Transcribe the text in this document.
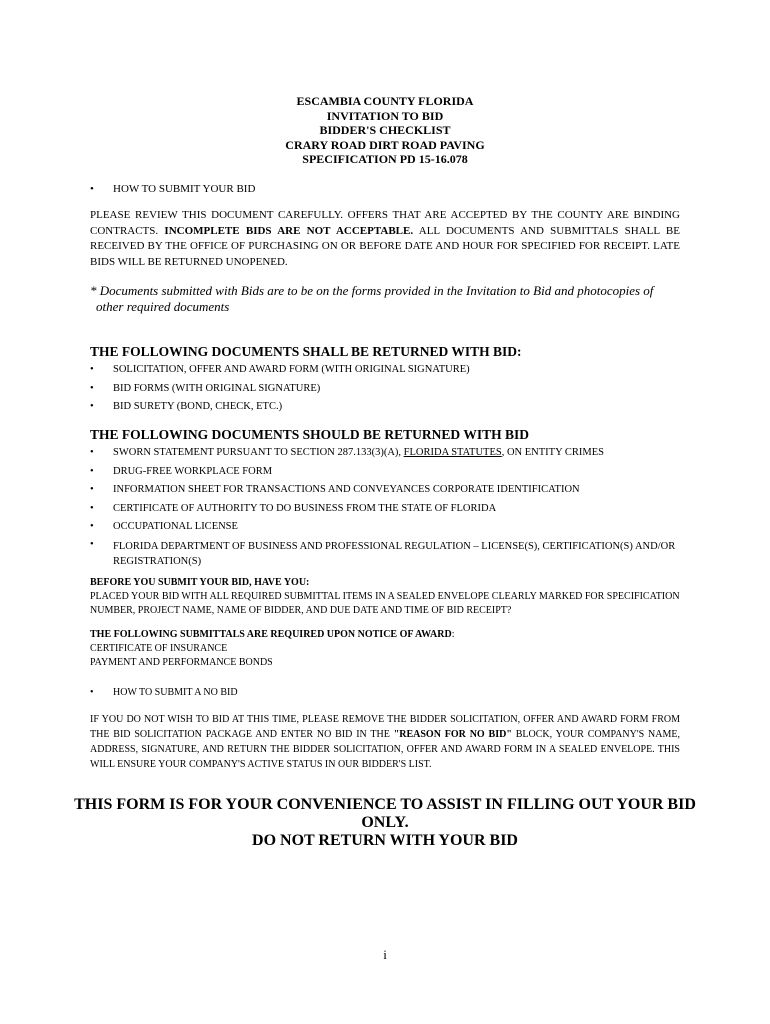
ESCAMBIA COUNTY FLORIDA
INVITATION TO BID
BIDDER'S CHECKLIST
CRARY ROAD DIRT ROAD PAVING
SPECIFICATION PD 15-16.078
• HOW TO SUBMIT YOUR BID
PLEASE REVIEW THIS DOCUMENT CAREFULLY. OFFERS THAT ARE ACCEPTED BY THE COUNTY ARE BINDING CONTRACTS. INCOMPLETE BIDS ARE NOT ACCEPTABLE. ALL DOCUMENTS AND SUBMITTALS SHALL BE RECEIVED BY THE OFFICE OF PURCHASING ON OR BEFORE DATE AND HOUR FOR SPECIFIED FOR RECEIPT. LATE BIDS WILL BE RETURNED UNOPENED.
* Documents submitted with Bids are to be on the forms provided in the Invitation to Bid and photocopies of
other required documents
THE FOLLOWING DOCUMENTS SHALL BE RETURNED WITH BID:
• SOLICITATION, OFFER AND AWARD FORM (WITH ORIGINAL SIGNATURE)
• BID FORMS (WITH ORIGINAL SIGNATURE)
• BID SURETY (BOND, CHECK, ETC.)
THE FOLLOWING DOCUMENTS SHOULD BE RETURNED WITH BID
• SWORN STATEMENT PURSUANT TO SECTION 287.133(3)(A), FLORIDA STATUTES, ON ENTITY CRIMES
• DRUG-FREE WORKPLACE FORM
• INFORMATION SHEET FOR TRANSACTIONS AND CONVEYANCES CORPORATE IDENTIFICATION
• CERTIFICATE OF AUTHORITY TO DO BUSINESS FROM THE STATE OF FLORIDA
• OCCUPATIONAL LICENSE
• FLORIDA DEPARTMENT OF BUSINESS AND PROFESSIONAL REGULATION – LICENSE(S), CERTIFICATION(S) AND/OR REGISTRATION(S)
BEFORE YOU SUBMIT YOUR BID, HAVE YOU:
PLACED YOUR BID WITH ALL REQUIRED SUBMITTAL ITEMS IN A SEALED ENVELOPE CLEARLY MARKED FOR SPECIFICATION NUMBER, PROJECT NAME, NAME OF BIDDER, AND DUE DATE AND TIME OF BID RECEIPT?
THE FOLLOWING SUBMITTALS ARE REQUIRED UPON NOTICE OF AWARD:
CERTIFICATE OF INSURANCE
PAYMENT AND PERFORMANCE BONDS
• HOW TO SUBMIT A NO BID
IF YOU DO NOT WISH TO BID AT THIS TIME, PLEASE REMOVE THE BIDDER SOLICITATION, OFFER AND AWARD FORM FROM THE BID SOLICITATION PACKAGE AND ENTER NO BID IN THE "REASON FOR NO BID" BLOCK, YOUR COMPANY'S NAME, ADDRESS, SIGNATURE, AND RETURN THE BIDDER SOLICITATION, OFFER AND AWARD FORM IN A SEALED ENVELOPE. THIS WILL ENSURE YOUR COMPANY'S ACTIVE STATUS IN OUR BIDDER'S LIST.
THIS FORM IS FOR YOUR CONVENIENCE TO ASSIST IN FILLING OUT YOUR BID ONLY.
DO NOT RETURN WITH YOUR BID
i
